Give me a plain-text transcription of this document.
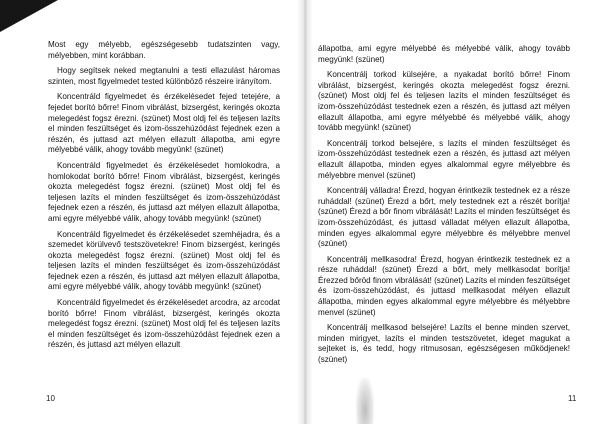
Most egy mélyebb, egészségesebb tudatszinten vagy, mélyebben, mint korábban.

Hogy segítsek neked megtanulni a testi ellazulást háromas szinten, most figyelmedet tested különböző részeire irányítom.

Koncentráld figyelmedet és érzékelésedet fejed tetejére, a fejedet borító bőrre! Finom vibrálást, bizsergést, keringés okozta melegedést fogsz érezni. (szünet) Most oldj fel és teljesen lazíts el minden feszültséget és izom-összehúzódást fejednek ezen a részén, és juttasd azt mélyen ellazult állapotba, ami egyre mélyebbé válik, ahogy tovább megyünk! (szünet)

Koncentráld figyelmedet és érzékelésedet homlokodra, a homlokodat borító bőrre! Finom vibrálást, bizsergést, keringés okozta melegedést fogsz érezni. (szünet) Most oldj fel és teljesen lazíts el minden feszültséget és izom-összehúzódást fejednek ezen a részén, és juttasd azt mélyen ellazult állapotba, ami egyre mélyebbé válik, ahogy tovább megyünk! (szünet)

Koncentráld figyelmedet és érzékelésedet szemhéjadra, és a szemedet körülvevő testszövetekre! Finom bizsergést, keringés okozta melegedést fogsz érezni. (szünet) Most oldj fel és teljesen lazíts el minden feszültséget és izom-összehúzódást fejednek ezen a részén, és juttasd azt mélyen ellazult állapotba, ami egyre mélyebbé válik, ahogy tovább megyünk! (szünet)

Koncentráld figyelmedet és érzékelésedet arcodra, az arcodat borító bőrre! Finom vibrálást, bizsergést, keringés okozta melegedést fogsz érezni. (szünet) Most oldj fel és teljesen lazíts el minden feszültséget és izom-összehúzódást fejednek ezen a részén, és juttasd azt mélyen ellazult

10

állapotba, ami egyre mélyebbé és mélyebbé válik, ahogy tovább megyünk! (szünet)

Koncentrálj torkod külsejére, a nyakadat borító bőrre! Finom vibrálást, bizsergést, keringés okozta melegedést fogsz érezni. (szünet) Most oldj fel és teljesen lazíts el minden feszültséget és izom-összehúzódást testednek ezen a részén, és juttasd azt mélyen ellazult állapotba, ami egyre mélyebbé és mélyebbé válik, ahogy tovább megyünk! (szünet)

Koncentrálj torkod belsejére, s lazíts el minden feszültséget és izom-összehúzódást testednek ezen a részén, és juttasd azt mélyen ellazult állapotba, minden egyes alkalommal egyre mélyebbre és mélyebbre menvel (szünet)

Koncentrálj válladra! Érezd, hogyan érintkezik testednek ez a része ruháddal! (szünet) Érezd a bőrt, mely testednek ezt a részét borítja! (szünet) Érezd a bőr finom vibrálását! Lazíts el minden feszültséget és izom-összehúzódást, és juttasd válladat mélyen ellazult állapotba, minden egyes alkalommal egyre mélyebbre és mélyebbre menvel (szünet)

Koncentrálj mellkasodra! Érezd, hogyan érintkezik testednek ez a része ruháddal! (szünet) Érezd a bőrt, mely mellkasodat borítja! Érezzed bőröd finom vibrálását! (szünet) Lazíts el minden feszültséget és izom-összehúzódást, és juttasd mellkasodat mélyen ellazult állapotba, minden egyes alkalommal egyre mélyebbre és mélyebbre menvel (szünet)

Koncentrálj mellkasod belsejére! Lazíts el benne minden szervet, minden mirigyet, lazíts el minden testszövetet, ideget magukat a sejteket is, és tedd, hogy ritmusosan, egészségesen működjenek! (szünet)

11
